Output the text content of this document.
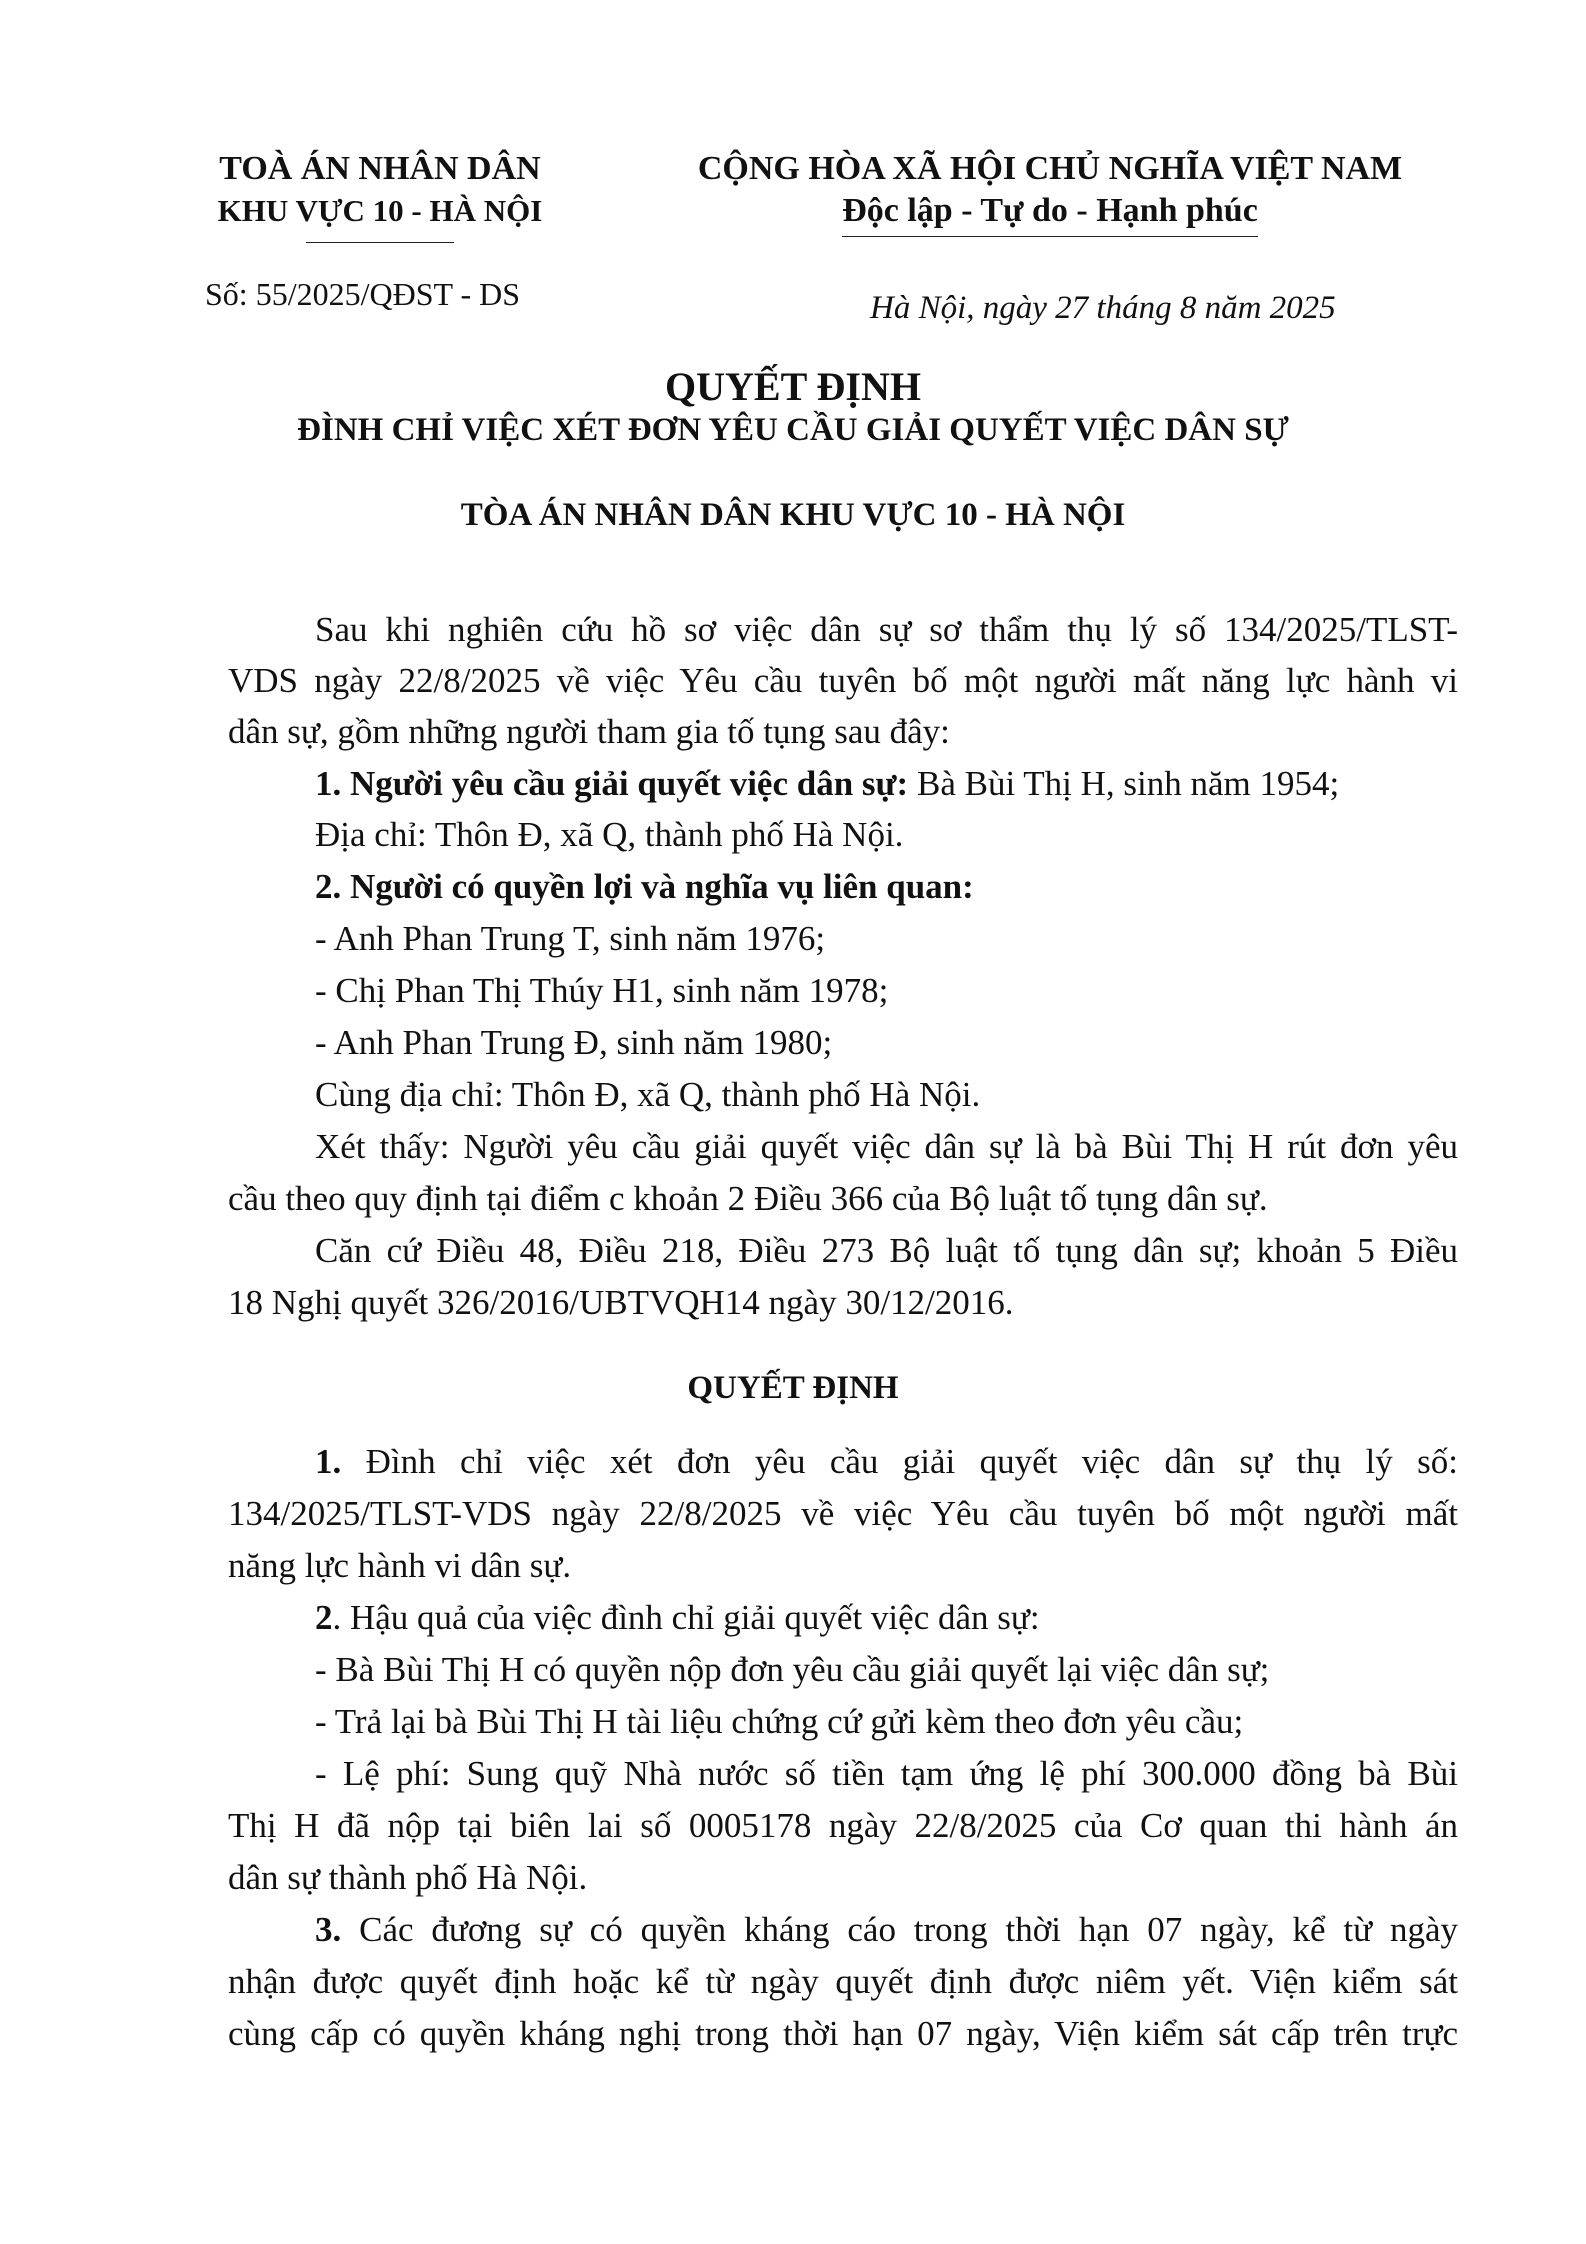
TOÀ ÁN NHÂN DÂN
KHU VỰC 10 - HÀ NỘI
CỘNG HÒA XÃ HỘI CHỦ NGHĨA VIỆT NAM
Độc lập - Tự do - Hạnh phúc
Số: 55/2025/QĐST - DS	Hà Nội, ngày 27 tháng 8 năm 2025
QUYẾT ĐỊNH
ĐÌNH CHỈ VIỆC XÉT ĐƠN YÊU CẦU GIẢI QUYẾT VIỆC DÂN SỰ
TÒA ÁN NHÂN DÂN KHU VỰC 10 - HÀ NỘI
Sau khi nghiên cứu hồ sơ việc dân sự sơ thẩm thụ lý số 134/2025/TLST-
VDS ngày 22/8/2025 về việc Yêu cầu tuyên bố một người mất năng lực hành vi
dân sự, gồm những người tham gia tố tụng sau đây:
1. Người yêu cầu giải quyết việc dân sự: Bà Bùi Thị H, sinh năm 1954;
Địa chỉ: Thôn Đ, xã Q, thành phố Hà Nội.
2. Người có quyền lợi và nghĩa vụ liên quan:
- Anh Phan Trung T, sinh năm 1976;
- Chị Phan Thị Thúy H1, sinh năm 1978;
- Anh Phan Trung Đ, sinh năm 1980;
Cùng địa chỉ: Thôn Đ, xã Q, thành phố Hà Nội.
Xét thấy: Người yêu cầu giải quyết việc dân sự là bà Bùi Thị H rút đơn yêu
cầu theo quy định tại điểm c khoản 2 Điều 366 của Bộ luật tố tụng dân sự.
Căn cứ Điều 48, Điều 218, Điều 273 Bộ luật tố tụng dân sự; khoản 5 Điều
18 Nghị quyết 326/2016/UBTVQH14 ngày 30/12/2016.
QUYẾT ĐỊNH
1. Đình chỉ việc xét đơn yêu cầu giải quyết việc dân sự thụ lý số:
134/2025/TLST-VDS ngày 22/8/2025 về việc Yêu cầu tuyên bố một người mất
năng lực hành vi dân sự.
2. Hậu quả của việc đình chỉ giải quyết việc dân sự:
- Bà Bùi Thị H có quyền nộp đơn yêu cầu giải quyết lại việc dân sự;
- Trả lại bà Bùi Thị H tài liệu chứng cứ gửi kèm theo đơn yêu cầu;
- Lệ phí: Sung quỹ Nhà nước số tiền tạm ứng lệ phí 300.000 đồng bà Bùi
Thị H đã nộp tại biên lai số 0005178 ngày 22/8/2025 của Cơ quan thi hành án
dân sự thành phố Hà Nội.
3. Các đương sự có quyền kháng cáo trong thời hạn 07 ngày, kể từ ngày
nhận được quyết định hoặc kể từ ngày quyết định được niêm yết. Viện kiểm sát
cùng cấp có quyền kháng nghị trong thời hạn 07 ngày, Viện kiểm sát cấp trên trực
